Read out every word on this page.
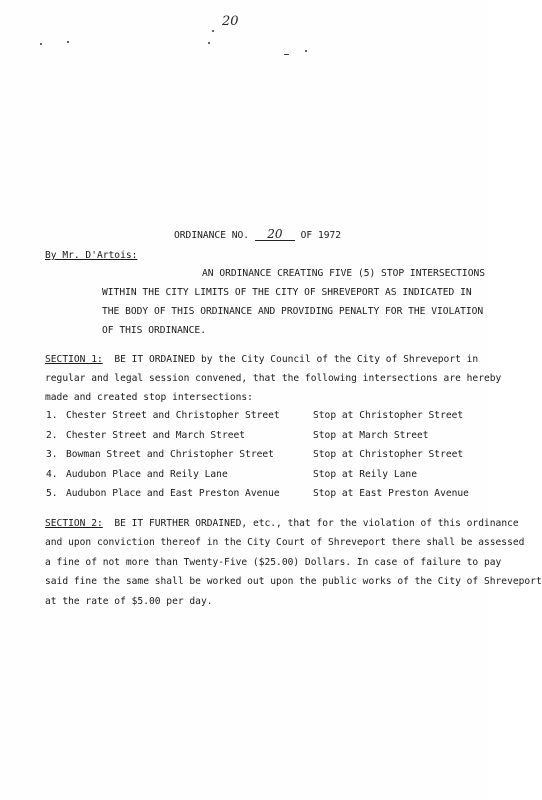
20
ORDINANCE NO. 20 OF 1972
By Mr. D'Artois:
AN ORDINANCE CREATING FIVE (5) STOP INTERSECTIONS
WITHIN THE CITY LIMITS OF THE CITY OF SHREVEPORT AS INDICATED IN
THE BODY OF THIS ORDINANCE AND PROVIDING PENALTY FOR THE VIOLATION
OF THIS ORDINANCE.
SECTION 1: BE IT ORDAINED by the City Council of the City of Shreveport in
regular and legal session convened, that the following intersections are hereby
made and created stop intersections:
1. Chester Street and Christopher Street	Stop at Christopher Street
2. Chester Street and March Street	Stop at March Street
3. Bowman Street and Christopher Street	Stop at Christopher Street
4. Audubon Place and Reily Lane	Stop at Reily Lane
5. Audubon Place and East Preston Avenue	Stop at East Preston Avenue
SECTION 2: BE IT FURTHER ORDAINED, etc., that for the violation of this ordinance
and upon conviction thereof in the City Court of Shreveport there shall be assessed
a fine of not more than Twenty-Five ($25.00) Dollars. In case of failure to pay
said fine the same shall be worked out upon the public works of the City of Shreveport
at the rate of $5.00 per day.
